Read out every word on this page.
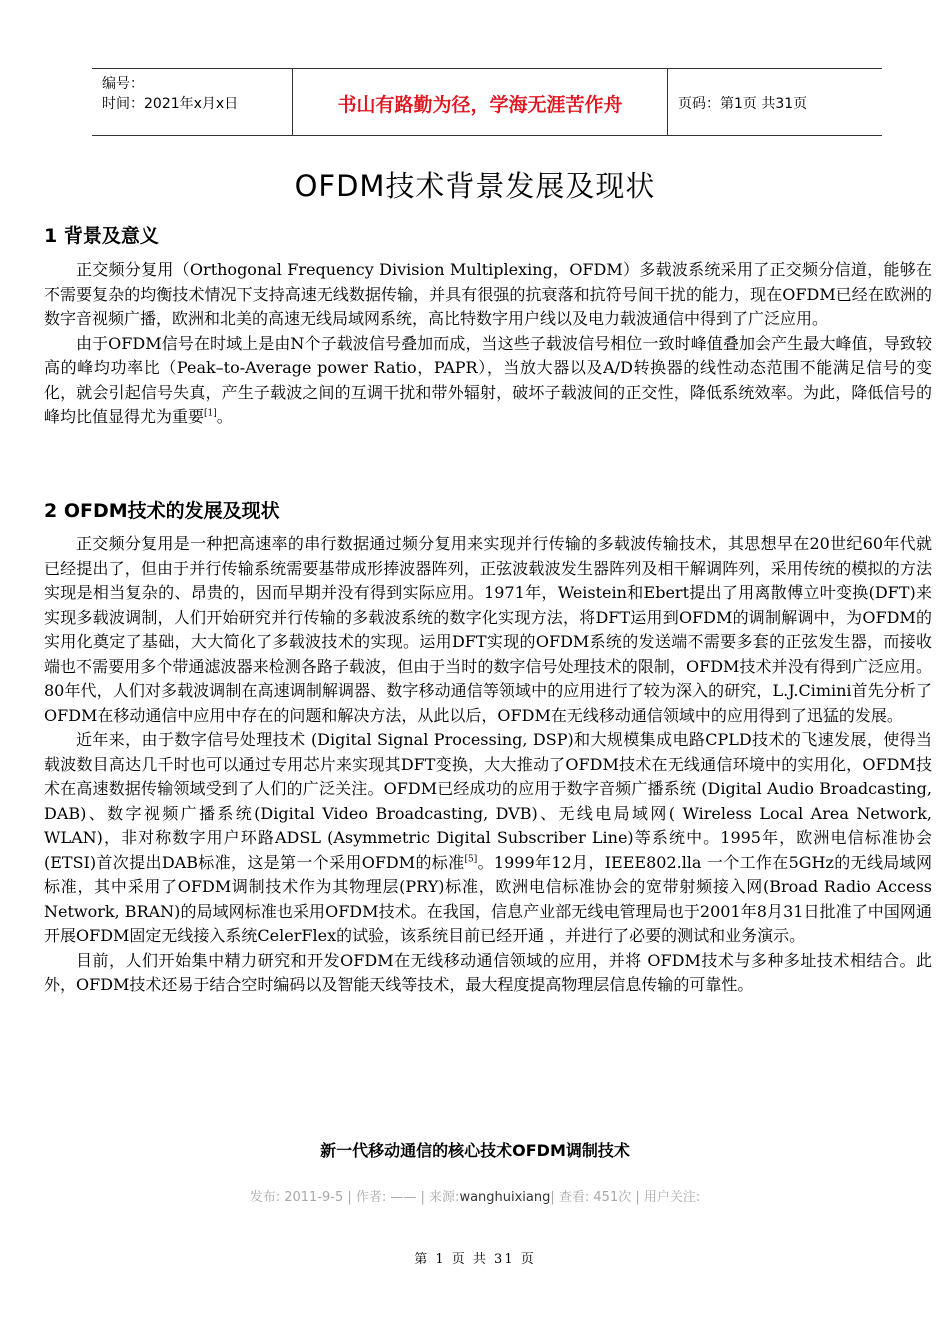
编号：
时间：2021年x月x日	书山有路勤为径，学海无涯苦作舟	页码：第1页 共31页
OFDM技术背景发展及现状
1 背景及意义

正交频分复用（Orthogonal Frequency Division Multiplexing，OFDM）多载波系统采用了正交频分信道，能够在不需要复杂的均衡技术情况下支持高速无线数据传输，并具有很强的抗衰落和抗符号间干扰的能力，现在OFDM已经在欧洲的数字音视频广播，欧洲和北美的高速无线局域网系统，高比特数字用户线以及电力载波通信中得到了广泛应用。

由于OFDM信号在时域上是由N个子载波信号叠加而成，当这些子载波信号相位一致时峰值叠加会产生最大峰值，导致较高的峰均功率比（Peak–to-Average power Ratio，PAPR），当放大器以及A/D转换器的线性动态范围不能满足信号的变化，就会引起信号失真，产生子载波之间的互调干扰和带外辐射，破坏子载波间的正交性，降低系统效率。为此，降低信号的峰均比值显得尤为重要[1]。

2 OFDM技术的发展及现状

正交频分复用是一种把高速率的串行数据通过频分复用来实现并行传输的多载波传输技术，其思想早在20世纪60年代就已经提出了，但由于并行传输系统需要基带成形捧波器阵列，正弦波载波发生器阵列及相干解调阵列，采用传统的模拟的方法实现是相当复杂的、昂贵的，因而早期并没有得到实际应用。1971年，Weistein和Ebert提出了用离散傅立叶变换(DFT)来实现多载波调制，人们开始研究并行传输的多载波系统的数字化实现方法，将DFT运用到OFDM的调制解调中，为OFDM的实用化奠定了基础，大大简化了多载波技术的实现。运用DFT实现的OFDM系统的发送端不需要多套的正弦发生器，而接收端也不需要用多个带通滤波器来检测各路子载波，但由于当时的数字信号处理技术的限制，OFDM技术并没有得到广泛应用。80年代，人们对多载波调制在高速调制解调器、数字移动通信等领域中的应用进行了较为深入的研究，L.J.Cimini首先分析了OFDM在移动通信中应用中存在的问题和解决方法，从此以后，OFDM在无线移动通信领域中的应用得到了迅猛的发展。

近年来，由于数字信号处理技术 (Digital Signal Processing, DSP)和大规模集成电路CPLD技术的飞速发展，使得当载波数目高达几千时也可以通过专用芯片来实现其DFT变换，大大推动了OFDM技术在无线通信环境中的实用化，OFDM技术在高速数据传输领域受到了人们的广泛关注。OFDM已经成功的应用于数字音频广播系统 (Digital Audio Broadcasting, DAB)、数字视频广播系统(Digital Video Broadcasting, DVB)、无线电局域网( Wireless Local Area Network, WLAN)，非对称数字用户环路ADSL (Asymmetric Digital Subscriber Line)等系统中。1995年，欧洲电信标准协会(ETSI)首次提出DAB标准，这是第一个采用OFDM的标准[5]。1999年12月，IEEE802.lla 一个工作在5GHz的无线局域网标准，其中采用了OFDM调制技术作为其物理层(PRY)标准，欧洲电信标准协会的宽带射频接入网(Broad Radio Access Network, BRAN)的局域网标准也采用OFDM技术。在我国，信息产业部无线电管理局也于2001年8月31日批准了中国网通开展OFDM固定无线接入系统CelerFlex的试验，该系统目前已经开通 ，并进行了必要的测试和业务演示。

目前，人们开始集中精力研究和开发OFDM在无线移动通信领域的应用，并将 OFDM技术与多种多址技术相结合。此外，OFDM技术还易于结合空时编码以及智能天线等技术，最大程度提高物理层信息传输的可靠性。

新一代移动通信的核心技术OFDM调制技术
发布: 2011-9-5 | 作者: —— | 来源:wanghuixiang| 查看: 451次 | 用户关注:
第 1 页 共 31 页
